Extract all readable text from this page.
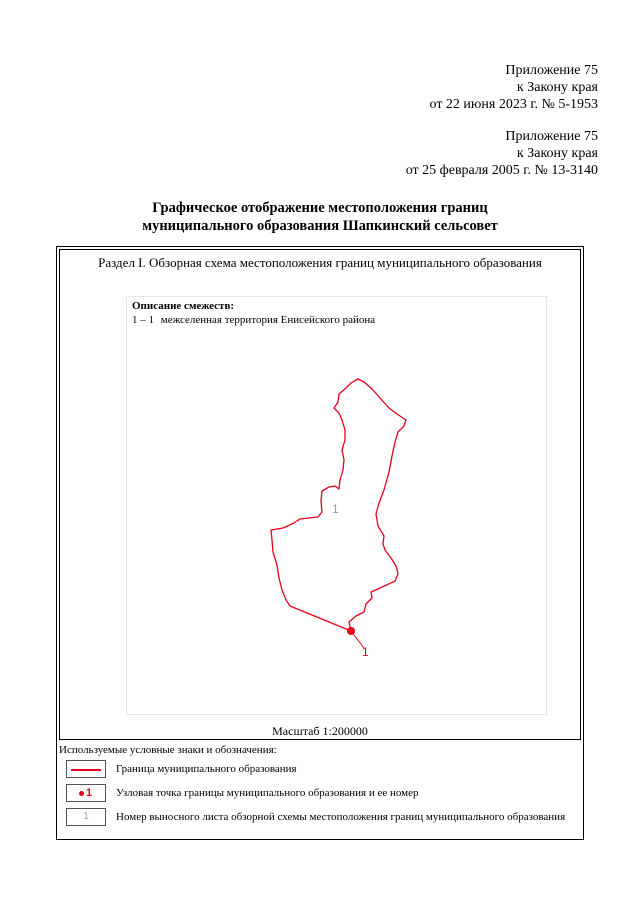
Приложение 75
к Закону края
от 22 июня 2023 г. № 5-1953
Приложение 75
к Закону края
от 25 февраля 2005 г. № 13-3140
Графическое отображение местоположения границ
муниципального образования Шапкинский сельсовет
Раздел I. Обзорная схема местоположения границ муниципального образования
Описание смежеств:
1 – 1 межселенная территория Енисейского района
1
1
Масштаб 1:200000
Используемые условные знаки и обозначения:
Граница муниципального образования
1 Узловая точка границы муниципального образования и ее номер
1	Номер выносного листа обзорной схемы местоположения границ муниципального образования
